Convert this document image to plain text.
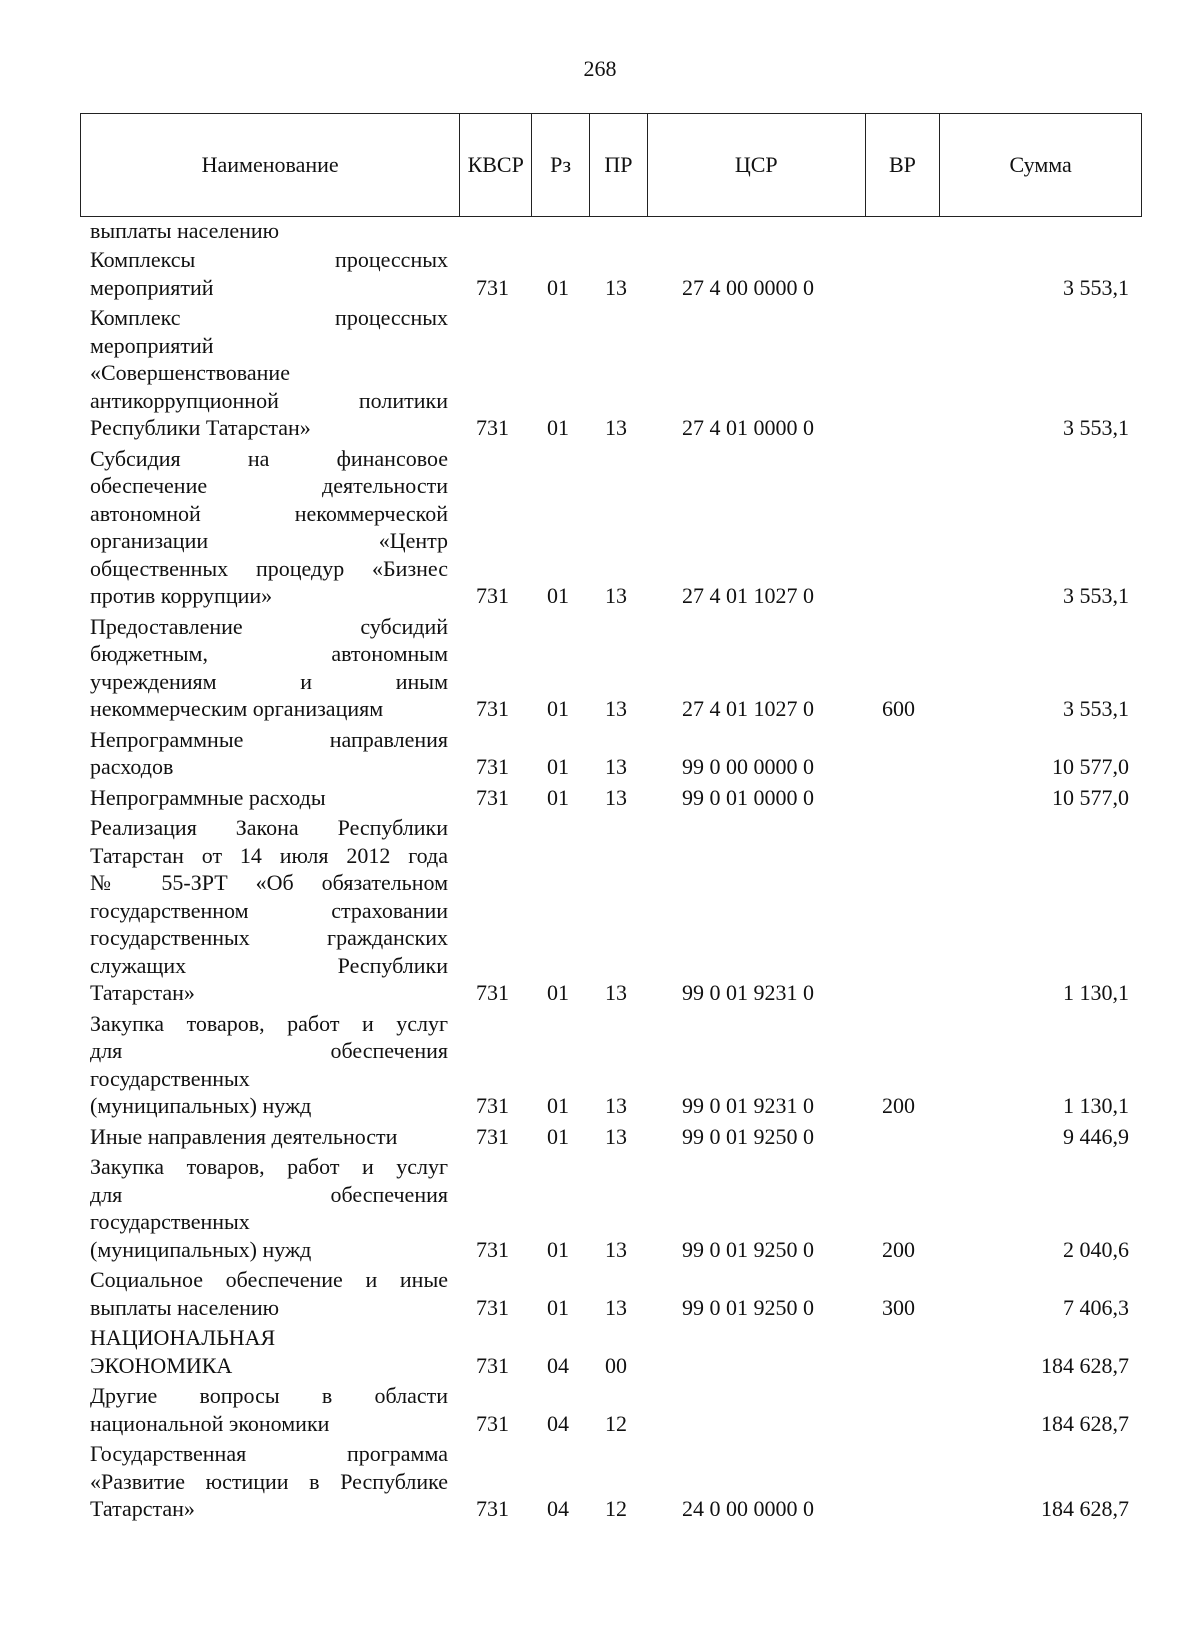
268
Наименование	КВСР	Рз	ПР	ЦСР	ВР	Сумма
выплаты населению
Комплексы процессных
мероприятий	731 01 13	27 4 00 0000 0	3 553,1
Комплекс процессных
мероприятий
«Совершенствование
антикоррупционной политики
Республики Татарстан»	731 01 13	27 4 01 0000 0	3 553,1
Субсидия на финансовое
обеспечение деятельности
автономной некоммерческой
организации «Центр
общественных процедур «Бизнес
против коррупции»	731 01 13	27 4 01 1027 0	3 553,1
Предоставление субсидий
бюджетным, автономным
учреждениям и иным
некоммерческим организациям	731 01 13	27 4 01 1027 0	600	3 553,1
Непрограммные направления
расходов	731 01 13	99 0 00 0000 0	10 577,0
Непрограммные расходы	731 01 13	99 0 01 0000 0	10 577,0
Реализация Закона Республики
Татарстан от 14 июля 2012 года
№ 55-ЗРТ «Об обязательном
государственном страховании
государственных гражданских
служащих Республики
Татарстан»	731 01 13	99 0 01 9231 0	1 130,1
Закупка товаров, работ и услуг
для обеспечения
государственных
(муниципальных) нужд	731 01 13	99 0 01 9231 0	200	1 130,1
Иные направления деятельности	731 01 13	99 0 01 9250 0	9 446,9
Закупка товаров, работ и услуг
для обеспечения
государственных
(муниципальных) нужд	731 01 13	99 0 01 9250 0	200	2 040,6
Социальное обеспечение и иные
выплаты населению	731 01 13	99 0 01 9250 0	300	7 406,3
НАЦИОНАЛЬНАЯ
ЭКОНОМИКА	731 04 00	184 628,7
Другие вопросы в области
национальной экономики	731 04 12	184 628,7
Государственная программа
«Развитие юстиции в Республике
Татарстан»	731 04 12	24 0 00 0000 0	184 628,7
